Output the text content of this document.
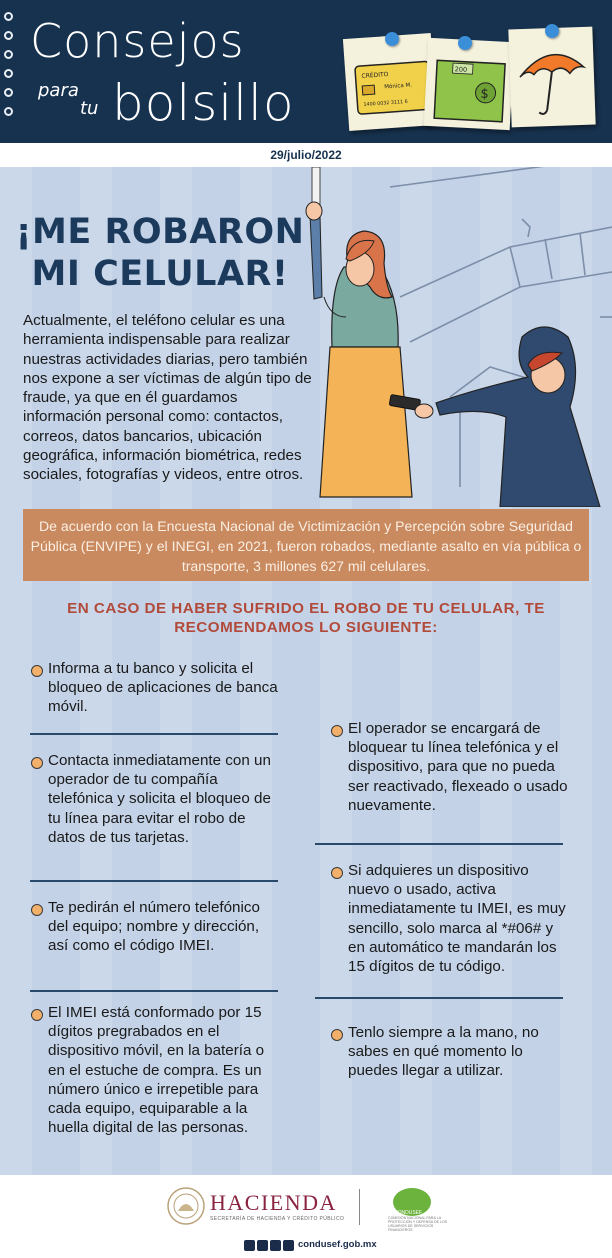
Consejos
para
tu bolsillo	CRÉDITO
Mónica M.
1400 0032 3111 6
$
200
29/julio/2022
¡ME ROBARON MI CELULAR!
Actualmente, el teléfono celular es una herramienta indispensable para realizar nuestras actividades diarias, pero también nos expone a ser víctimas de algún tipo de fraude, ya que en él guardamos información personal como: contactos, correos, datos bancarios, ubicación geográfica, información biométrica, redes sociales, fotografías y videos, entre otros.
De acuerdo con la Encuesta Nacional de Victimización y Percepción sobre Seguridad Pública (ENVIPE) y el INEGI, en 2021, fueron robados, mediante asalto en vía pública o transporte, 3 millones 627 mil celulares.
EN CASO DE HABER SUFRIDO EL ROBO DE TU CELULAR, TE RECOMENDAMOS LO SIGUIENTE:
Informa a tu banco y solicita el bloqueo de aplicaciones de banca móvil.
Contacta inmediatamente con un operador de tu compañía telefónica y solicita el bloqueo de tu línea para evitar el robo de datos de tus tarjetas.
Te pedirán el número telefónico del equipo; nombre y dirección, así como el código IMEI.
El IMEI está conformado por 15 dígitos pregrabados en el dispositivo móvil, en la batería o en el estuche de compra. Es un número único e irrepetible para cada equipo, equiparable a la huella digital de las personas.
El operador se encargará de bloquear tu línea telefónica y el dispositivo, para que no pueda ser reactivado, flexeado o usado nuevamente.
Si adquieres un dispositivo nuevo o usado, activa inmediatamente tu IMEI, es muy sencillo, solo marca al *#06# y en automático te mandarán los 15 dígitos de tu código.
Tenlo siempre a la mano, no sabes en qué momento lo puedes llegar a utilizar.
HACIENDA
SECRETARÍA DE HACIENDA Y CRÉDITO PÚBLICO
CONDUSEF
COMISIÓN NACIONAL PARA LA PROTECCIÓN Y DEFENSA DE LOS USUARIOS DE SERVICIOS FINANCIEROS
condusef.gob.mx
